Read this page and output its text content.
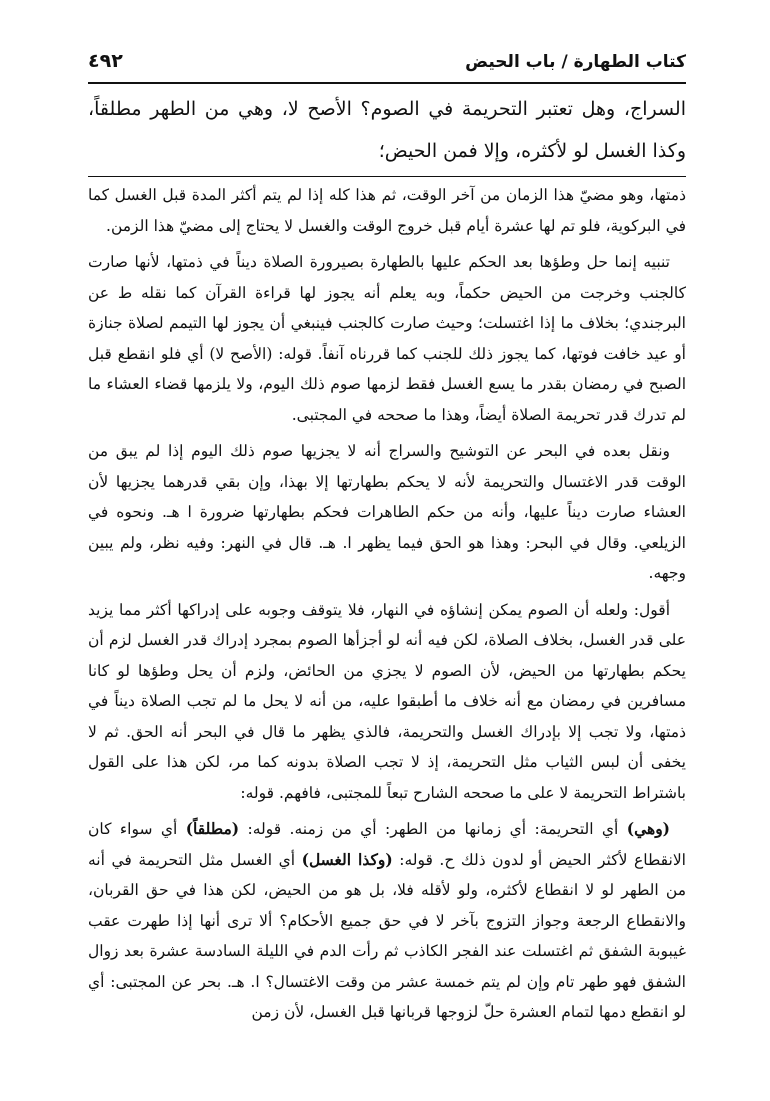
كتاب الطهارة / باب الحيض
٤٩٢
السراج، وهل تعتبر التحريمة في الصوم؟ الأصح لا، وهي من الطهر مطلقاً، وكذا الغسل لو لأكثره، وإلا فمن الحيض؛

ذمتها، وهو مضيّ هذا الزمان من آخر الوقت، ثم هذا كله إذا لم يتم أكثر المدة قبل الغسل كما في البركوية، فلو تم لها عشرة أيام قبل خروج الوقت والغسل لا يحتاج إلى مضيّ هذا الزمن.

تنبيه إنما حل وطؤها بعد الحكم عليها بالطهارة بصيرورة الصلاة ديناً في ذمتها، لأنها صارت كالجنب وخرجت من الحيض حكماً، وبه يعلم أنه يجوز لها قراءة القرآن كما نقله ط عن البرجندي؛ بخلاف ما إذا اغتسلت؛ وحيث صارت كالجنب فينبغي أن يجوز لها التيمم لصلاة جنازة أو عيد خافت فوتها، كما يجوز ذلك للجنب كما قررناه آنفاً. قوله: (الأصح لا) أي فلو انقطع قبل الصبح في رمضان بقدر ما يسع الغسل فقط لزمها صوم ذلك اليوم، ولا يلزمها قضاء العشاء ما لم تدرك قدر تحريمة الصلاة أيضاً، وهذا ما صححه في المجتبى.

ونقل بعده في البحر عن التوشيح والسراج أنه لا يجزيها صوم ذلك اليوم إذا لم يبق من الوقت قدر الاغتسال والتحريمة لأنه لا يحكم بطهارتها إلا بهذا، وإن بقي قدرهما يجزيها لأن العشاء صارت ديناً عليها، وأنه من حكم الطاهرات فحكم بطهارتها ضرورة ا هـ. ونحوه في الزيلعي. وقال في البحر: وهذا هو الحق فيما يظهر ا. هـ. قال في النهر: وفيه نظر، ولم يبين وجهه.

أقول: ولعله أن الصوم يمكن إنشاؤه في النهار، فلا يتوقف وجوبه على إدراكها أكثر مما يزيد على قدر الغسل، بخلاف الصلاة، لكن فيه أنه لو أجزأها الصوم بمجرد إدراك قدر الغسل لزم أن يحكم بطهارتها من الحيض، لأن الصوم لا يجزي من الحائض، ولزم أن يحل وطؤها لو كانا مسافرين في رمضان مع أنه خلاف ما أطبقوا عليه، من أنه لا يحل ما لم تجب الصلاة ديناً في ذمتها، ولا تجب إلا بإدراك الغسل والتحريمة، فالذي يظهر ما قال في البحر أنه الحق. ثم لا يخفى أن لبس الثياب مثل التحريمة، إذ لا تجب الصلاة بدونه كما مر، لكن هذا على القول باشتراط التحريمة لا على ما صححه الشارح تبعاً للمجتبى، فافهم. قوله:

(وهي) أي التحريمة: أي زمانها من الطهر: أي من زمنه. قوله: (مطلقاً) أي سواء كان الانقطاع لأكثر الحيض أو لدون ذلك ح. قوله: (وكذا الغسل) أي الغسل مثل التحريمة في أنه من الطهر لو لا انقطاع لأكثره، ولو لأقله فلا، بل هو من الحيض، لكن هذا في حق القربان، والانقطاع الرجعة وجواز التزوج بآخر لا في حق جميع الأحكام؟ ألا ترى أنها إذا طهرت عقب غيبوبة الشفق ثم اغتسلت عند الفجر الكاذب ثم رأت الدم في الليلة السادسة عشرة بعد زوال الشفق فهو طهر تام وإن لم يتم خمسة عشر من وقت الاغتسال؟ ا. هـ. بحر عن المجتبى: أي لو انقطع دمها لتمام العشرة حلّ لزوجها قربانها قبل الغسل، لأن زمن
